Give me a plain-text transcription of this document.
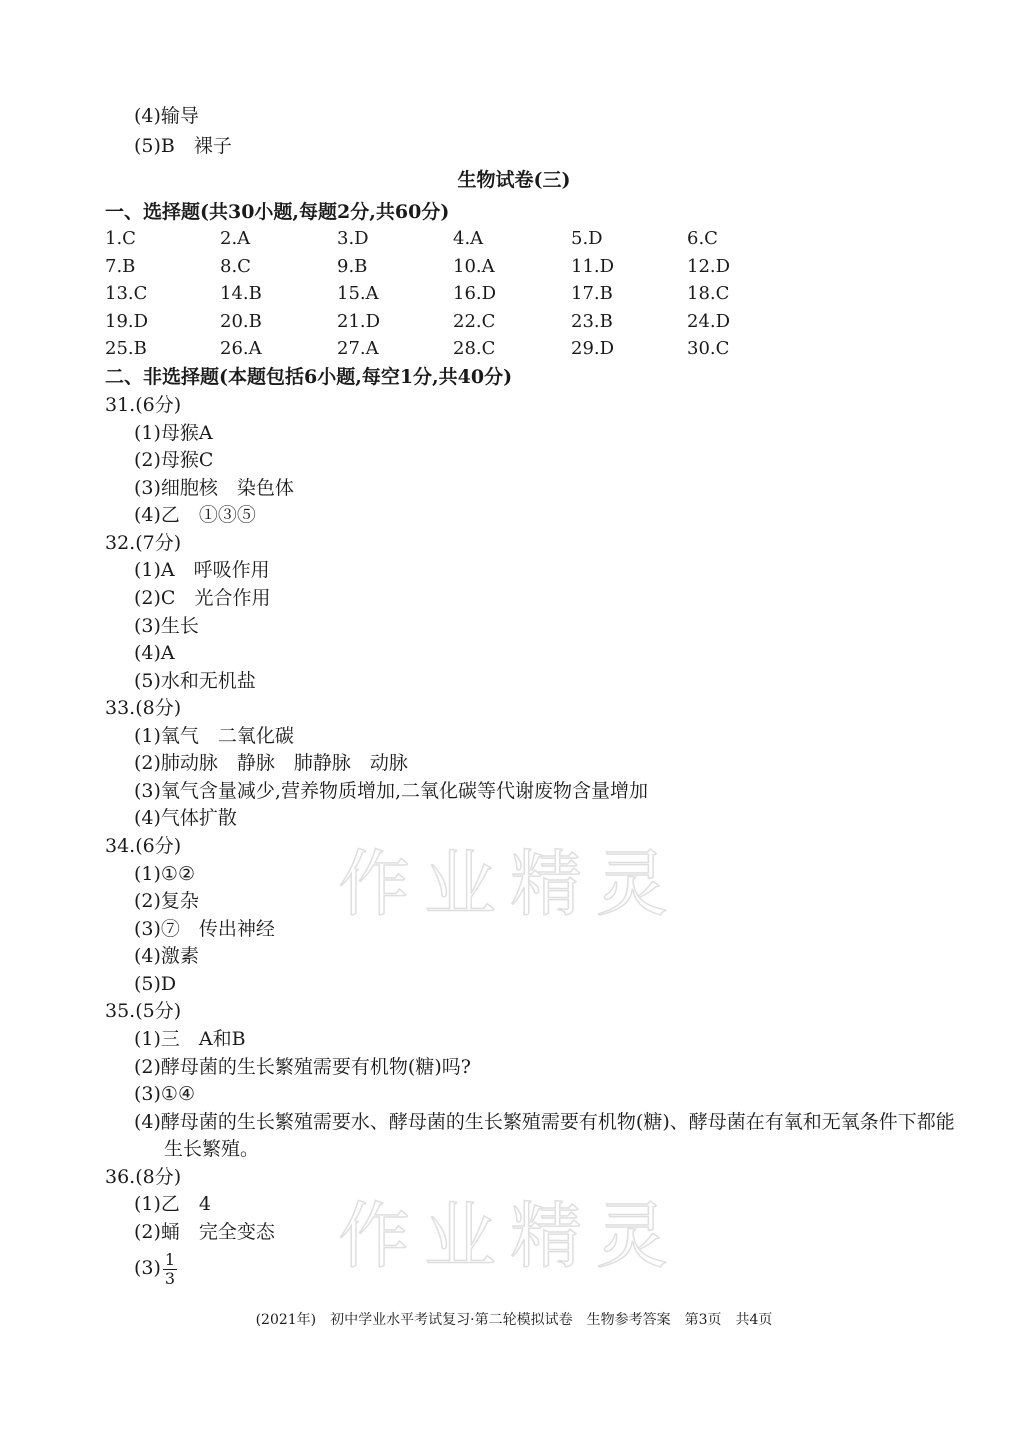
(4)输导
(5)B　裸子
生物试卷(三)
一、选择题(共30小题,每题2分,共60分)
1.C	2.A	3.D	4.A	5.D	6.C
7.B	8.C	9.B	10.A	11.D	12.D
13.C	14.B	15.A	16.D	17.B	18.C
19.D	20.B	21.D	22.C	23.B	24.D
25.B	26.A	27.A	28.C	29.D	30.C
二、非选择题(本题包括6小题,每空1分,共40分)
31.(6分)
(1)母猴A
(2)母猴C
(3)细胞核　染色体
(4)乙　①③⑤
32.(7分)
(1)A　呼吸作用
(2)C　光合作用
(3)生长
(4)A
(5)水和无机盐
33.(8分)
(1)氧气　二氧化碳
(2)肺动脉　静脉　肺静脉　动脉
(3)氧气含量减少,营养物质增加,二氧化碳等代谢废物含量增加
(4)气体扩散
34.(6分)
(1)①②
(2)复杂
(3)⑦　传出神经
(4)激素
(5)D
35.(5分)
(1)三　A和B
(2)酵母菌的生长繁殖需要有机物(糖)吗?
(3)①④
(4)酵母菌的生长繁殖需要水、酵母菌的生长繁殖需要有机物(糖)、酵母菌在有氧和无氧条件下都能
生长繁殖。
36.(8分)
(1)乙　4
(2)蛹　完全变态
$(3) \frac{1}{3}$
作业精灵
作业精灵
(2021年)　初中学业水平考试复习·第二轮模拟试卷　生物参考答案　第3页　共4页
